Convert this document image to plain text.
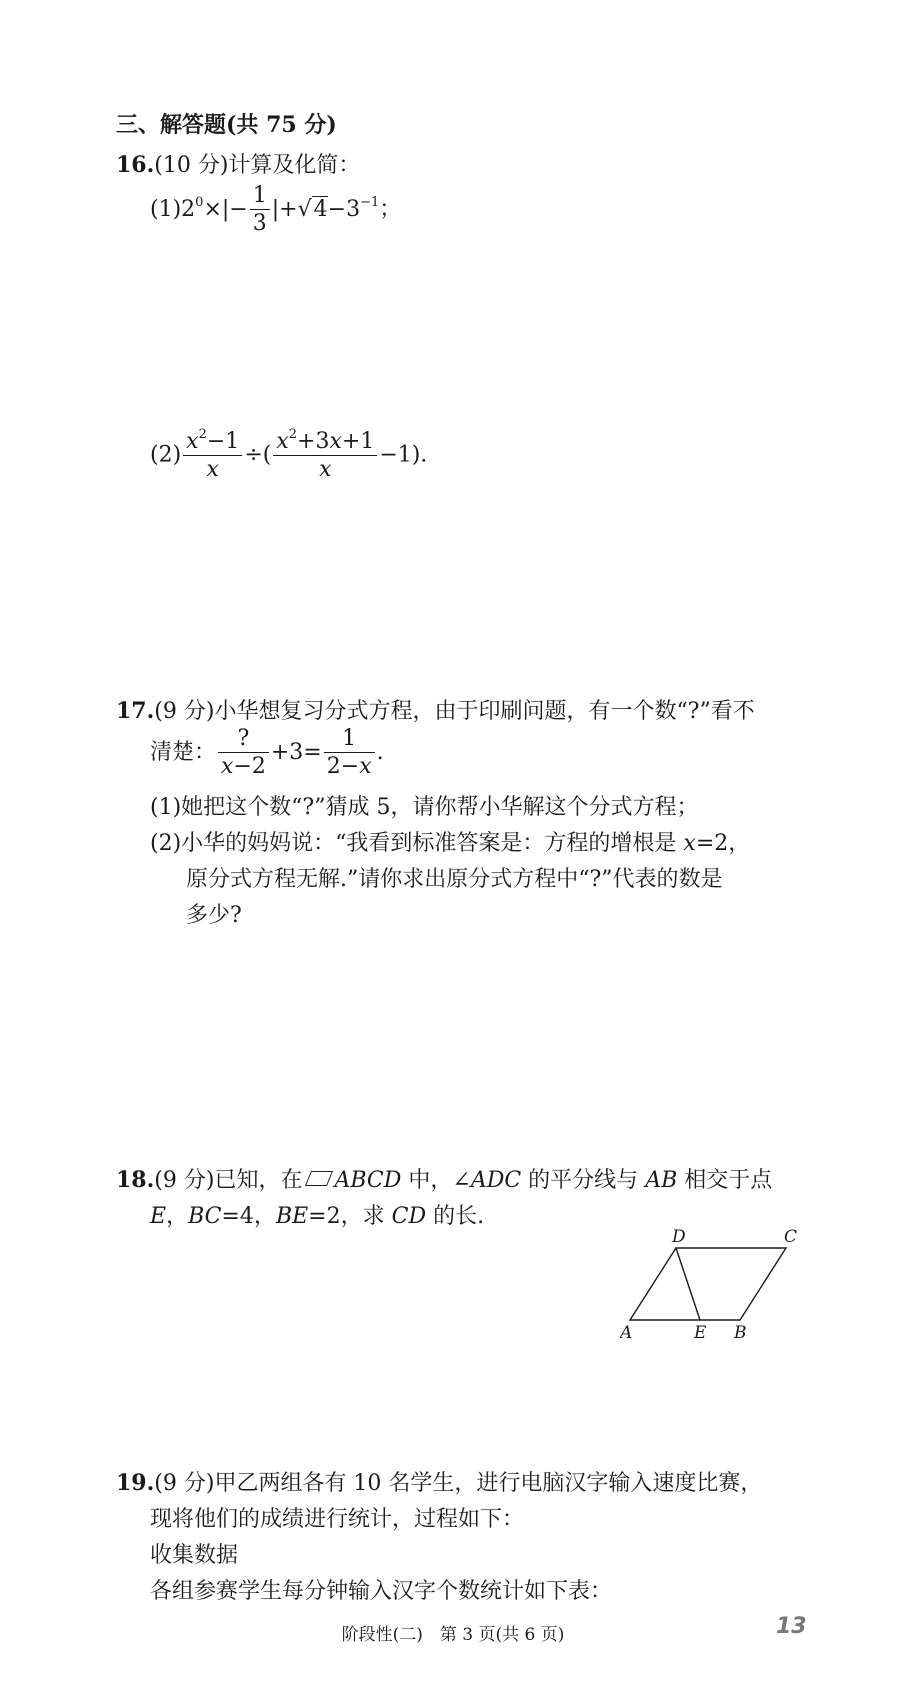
三、解答题(共 75 分)
16.(10 分)计算及化简：
$(1)2^0\times|- \frac{1}{3} |+√4-3^{-1}$；
$(2) \frac{x^2-1}{x}$ ÷( $\frac{x^2+3x+1}{x} -1$).
17.(9 分)小华想复习分式方程，由于印刷问题，有一个数“?”看不
清楚： $\frac{?}{x-2} +3= \frac{1}{2-x}$ .
(1)她把这个数“?”猜成 5，请你帮小华解这个分式方程；
(2)小华的妈妈说：“我看到标准答案是：方程的增根是 x=2，
原分式方程无解.”请你求出原分式方程中“?”代表的数是
多少?
18.(9 分)已知，在 ABCD 中，∠ADC 的平分线与 AB 相交于点
E，BC=4，BE=2，求 CD 的长.
D	C
A	E B
19.(9 分)甲乙两组各有 10 名学生，进行电脑汉字输入速度比赛，
现将他们的成绩进行统计，过程如下：
收集数据
各组参赛学生每分钟输入汉字个数统计如下表：
阶段性(二)　第 3 页(共 6 页)	13
